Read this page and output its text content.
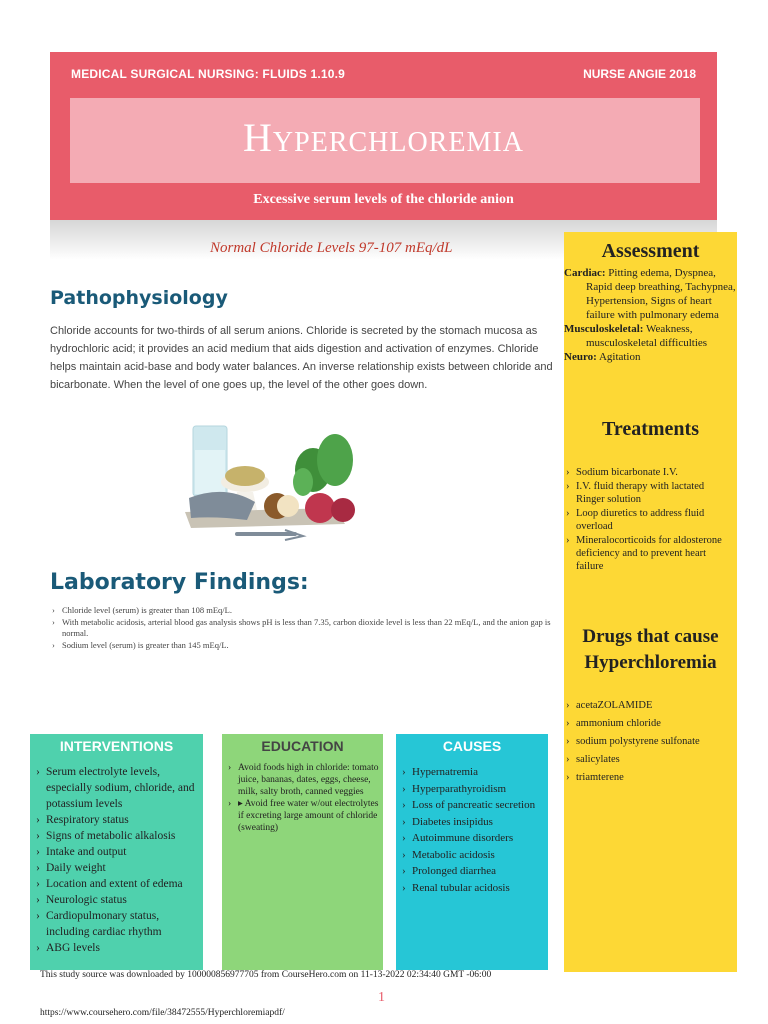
MEDICAL SURGICAL NURSING: FLUIDS 1.10.9	NURSE ANGIE 2018
Hyperchloremia
Excessive serum levels of the chloride anion
Normal Chloride Levels 97-107 mEq/dL
Pathophysiology

Chloride accounts for two-thirds of all serum anions. Chloride is secreted by the stomach mucosa as hydrochloric acid; it provides an acid medium that aids digestion and activation of enzymes. Chloride helps maintain acid-base and body water balances. An inverse relationship exists between chloride and bicarbonate. When the level of one goes up, the level of the other goes down.

Laboratory Findings:
› Chloride level (serum) is greater than 108 mEq/L.
› With metabolic acidosis, arterial blood gas analysis shows pH is less than 7.35, carbon dioxide level is less than 22 mEq/L, and the anion gap is normal.
› Sodium level (serum) is greater than 145 mEq/L.
Assessment

Cardiac: Pitting edema, Dyspnea, Rapid deep breathing, Tachypnea, Hypertension, Signs of heart failure with pulmonary edema

Musculoskeletal: Weakness, musculoskeletal difficulties

Neuro: Agitation

Treatments
› Sodium bicarbonate I.V.
› I.V. fluid therapy with lactated Ringer solution
› Loop diuretics to address fluid overload
› Mineralocorticoids for aldosterone deficiency and to prevent heart failure
Drugs that cause Hyperchloremia
› acetaZOLAMIDE
› ammonium chloride
› sodium polystyrene sulfonate
› salicylates
› triamterene
INTERVENTIONS
› Serum electrolyte levels, especially sodium, chloride, and potassium levels
› Respiratory status
› Signs of metabolic alkalosis
› Intake and output
› Daily weight
› Location and extent of edema
› Neurologic status
› Cardiopulmonary status, including cardiac rhythm
› ABG levels
EDUCATION
› Avoid foods high in chloride: tomato juice, bananas, dates, eggs, cheese, milk, salty broth, canned veggies
› ▸ Avoid free water w/out electrolytes if excreting large amount of chloride (sweating)
CAUSES
› Hypernatremia
› Hyperparathyroidism
› Loss of pancreatic secretion
› Diabetes insipidus
› Autoimmune disorders
› Metabolic acidosis
› Prolonged diarrhea
› Renal tubular acidosis
This study source was downloaded by 100000856977705 from CourseHero.com on 11-13-2022 02:34:40 GMT -06:00
1
https://www.coursehero.com/file/38472555/Hyperchloremiapdf/
